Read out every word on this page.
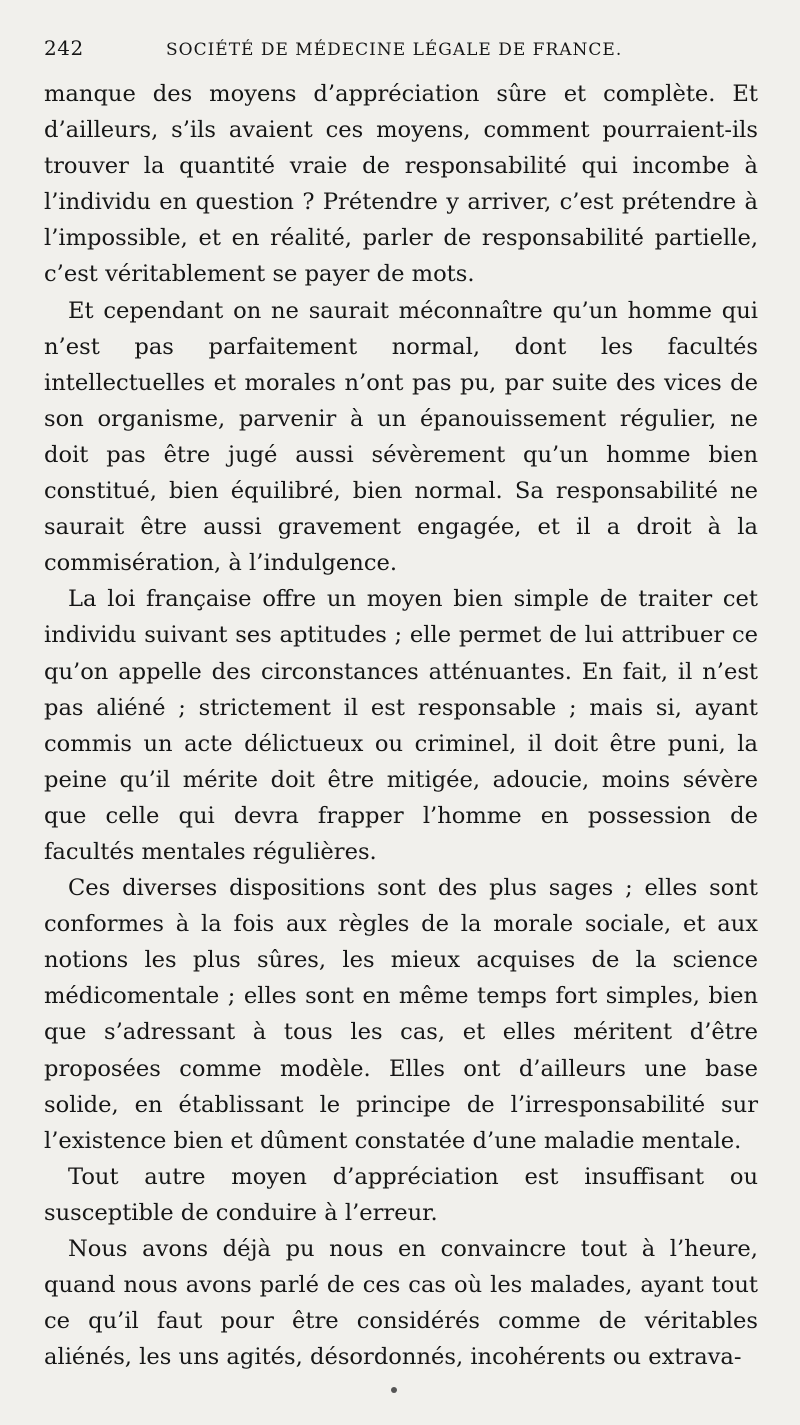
242	SOCIÉTÉ DE MÉDECINE LÉGALE DE FRANCE.

manque des moyens d’appréciation sûre et complète. Et d’ailleurs, s’ils avaient ces moyens, comment pourraient-ils trouver la quantité vraie de responsabilité qui incombe à l’individu en question ? Prétendre y arriver, c’est prétendre à l’impossible, et en réalité, parler de responsabilité partielle, c’est véritablement se payer de mots.

Et cependant on ne saurait méconnaître qu’un homme qui n’est pas parfaitement normal, dont les facultés intellectuelles et morales n’ont pas pu, par suite des vices de son organisme, parvenir à un épanouissement régulier, ne doit pas être jugé aussi sévèrement qu’un homme bien constitué, bien équilibré, bien normal. Sa responsabilité ne saurait être aussi gravement engagée, et il a droit à la commisération, à l’indulgence.

La loi française offre un moyen bien simple de traiter cet individu suivant ses aptitudes ; elle permet de lui attribuer ce qu’on appelle des circonstances atténuantes. En fait, il n’est pas aliéné ; strictement il est responsable ; mais si, ayant commis un acte délictueux ou criminel, il doit être puni, la peine qu’il mérite doit être mitigée, adoucie, moins sévère que celle qui devra frapper l’homme en possession de facultés mentales régulières.

Ces diverses dispositions sont des plus sages ; elles sont conformes à la fois aux règles de la morale sociale, et aux notions les plus sûres, les mieux acquises de la science médicomentale ; elles sont en même temps fort simples, bien que s’adressant à tous les cas, et elles méritent d’être proposées comme modèle. Elles ont d’ailleurs une base solide, en établissant le principe de l’irresponsabilité sur l’existence bien et dûment constatée d’une maladie mentale.

Tout autre moyen d’appréciation est insuffisant ou susceptible de conduire à l’erreur.

Nous avons déjà pu nous en convaincre tout à l’heure, quand nous avons parlé de ces cas où les malades, ayant tout ce qu’il faut pour être considérés comme de véritables aliénés, les uns agités, désordonnés, incohérents ou extrava-
